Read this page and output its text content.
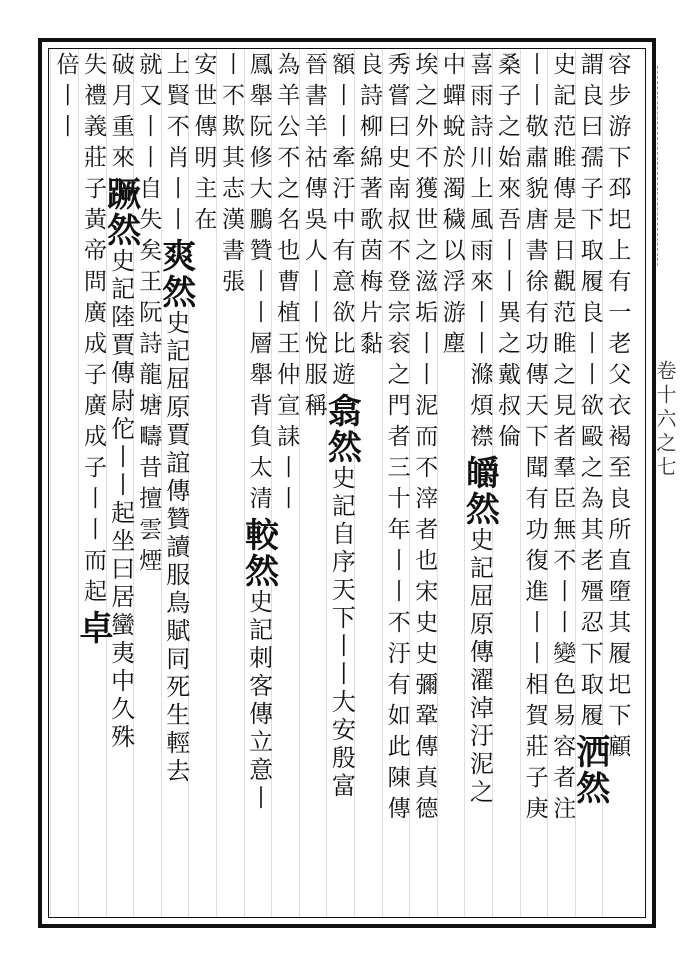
卷十六之七
容步游下邳圯上有一老父衣褐至良所直墮其履圯下顧
謂良曰孺子下取履良丨丨欲毆之為其老殭忍下取履洒然
史記范睢傳是日觀范睢之見者羣臣無不丨丨變色易容者注
丨丨敬肅貌唐書徐有功傳天下聞有功復進丨丨相賀莊子庚
桑子之始來吾丨丨異之戴叔倫
喜雨詩川上風雨來丨丨滌煩襟皭然史記屈原傳濯淖汙泥之
中蟬蛻於濁穢以浮游塵
埃之外不獲世之滋垢丨丨泥而不滓者也宋史史彌鞏傳真德
秀嘗曰史南叔不登宗衮之門者三十年丨丨不汙有如此陳傳
良詩柳綿著歌茵梅片黏
額丨丨牽汙中有意欲比遊翕然史記自序天下丨丨大安殷富
晉書羊祜傳吳人丨丨悅服稱
為羊公不之名也曹植王仲宣誄丨丨
鳳舉阮修大鵬贊丨丨層舉背負太清較然史記刺客傳立意丨
丨不欺其志漢書張
安世傳明主在
上賢不肖丨丨爽然史記屈原賈誼傳贊讀服鳥賦同死生輕去
就又丨丨自失矣王阮詩龍塘疇昔擅雲煙
破月重來蹶然史記陸賈傳尉佗丨丨起坐曰居蠻夷中久殊
失禮義莊子黃帝問廣成子廣成子丨丨而起卓
倍丨丨
